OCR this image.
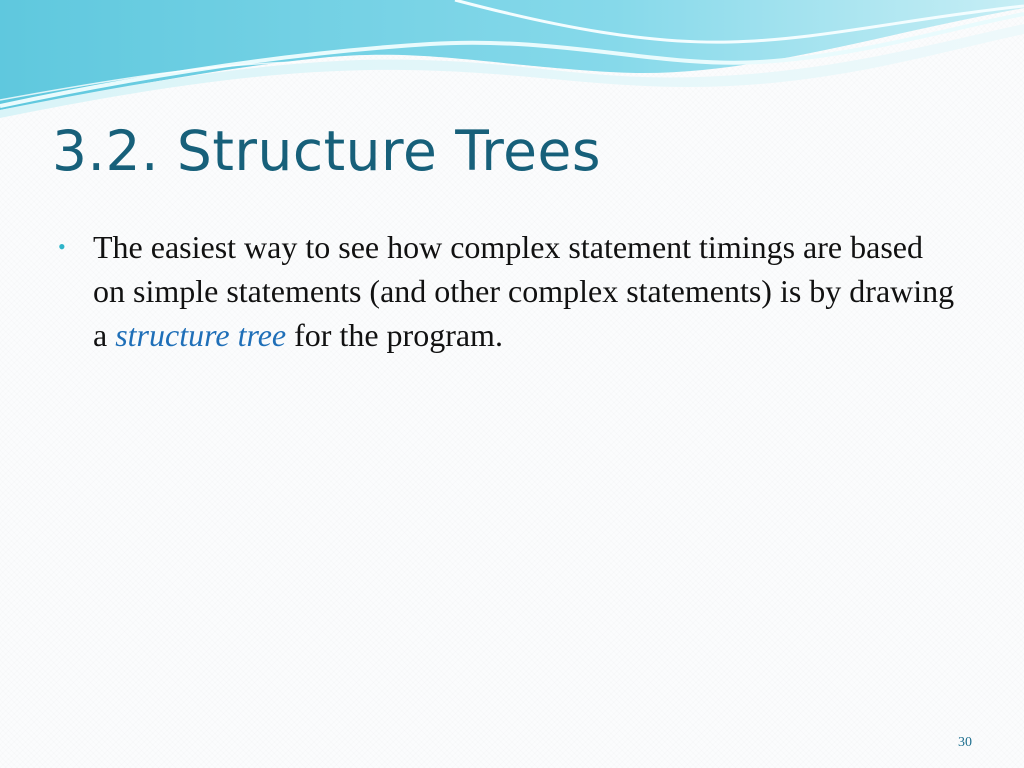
3.2. Structure Trees
• The easiest way to see how complex statement timings are based on simple statements (and other complex statements) is by drawing a structure tree for the program.
30
